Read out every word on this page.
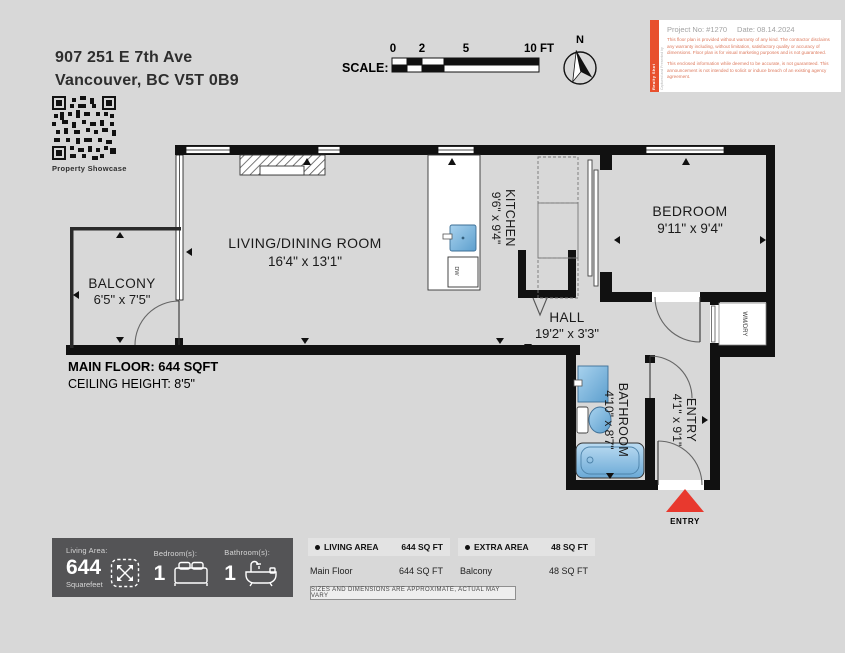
SCALE:
0 2	5	10 FT
N
DW
WM/DRY
LIVING/DINING ROOM
16'4" x 13'1"
BEDROOM
9'11" x 9'4"
BALCONY
6'5" x 7'5"
HALL
19'2" x 3'3"
KITCHEN
9'6" x 9'4"
BATHROOM
4'10" x 8'7"	ENTRY
4'1" x 9'1"
MAIN FLOOR: 644 SQFT
CEILING HEIGHT: 8'5"
ENTRY
907 251 E 7th Ave
Vancouver, BC V5T 0B9
Property Showcase
Realty Shot Captured and Presented by
Project No: #1270 Date: 08.14.2024
This floor plan is provided without warranty of any kind. The contractor disclaims any warranty including, without limitation, satisfactory quality or accuracy of dimensions. Floor plan is for visual marketing purposes and is not guaranteed.
This enclosed information while deemed to be accurate, is not guaranteed. This announcement is not intended to solicit or induce breach of an existing agency agreement.
Living Area:
644
Squarefeet
Bedroom(s):
1
Bathroom(s):
1
LIVING AREA	644 SQ FT
Main Floor	644 SQ FT
EXTRA AREA	48 SQ FT
Balcony	48 SQ FT
SIZES AND DIMENSIONS ARE APPROXIMATE, ACTUAL MAY VARY
